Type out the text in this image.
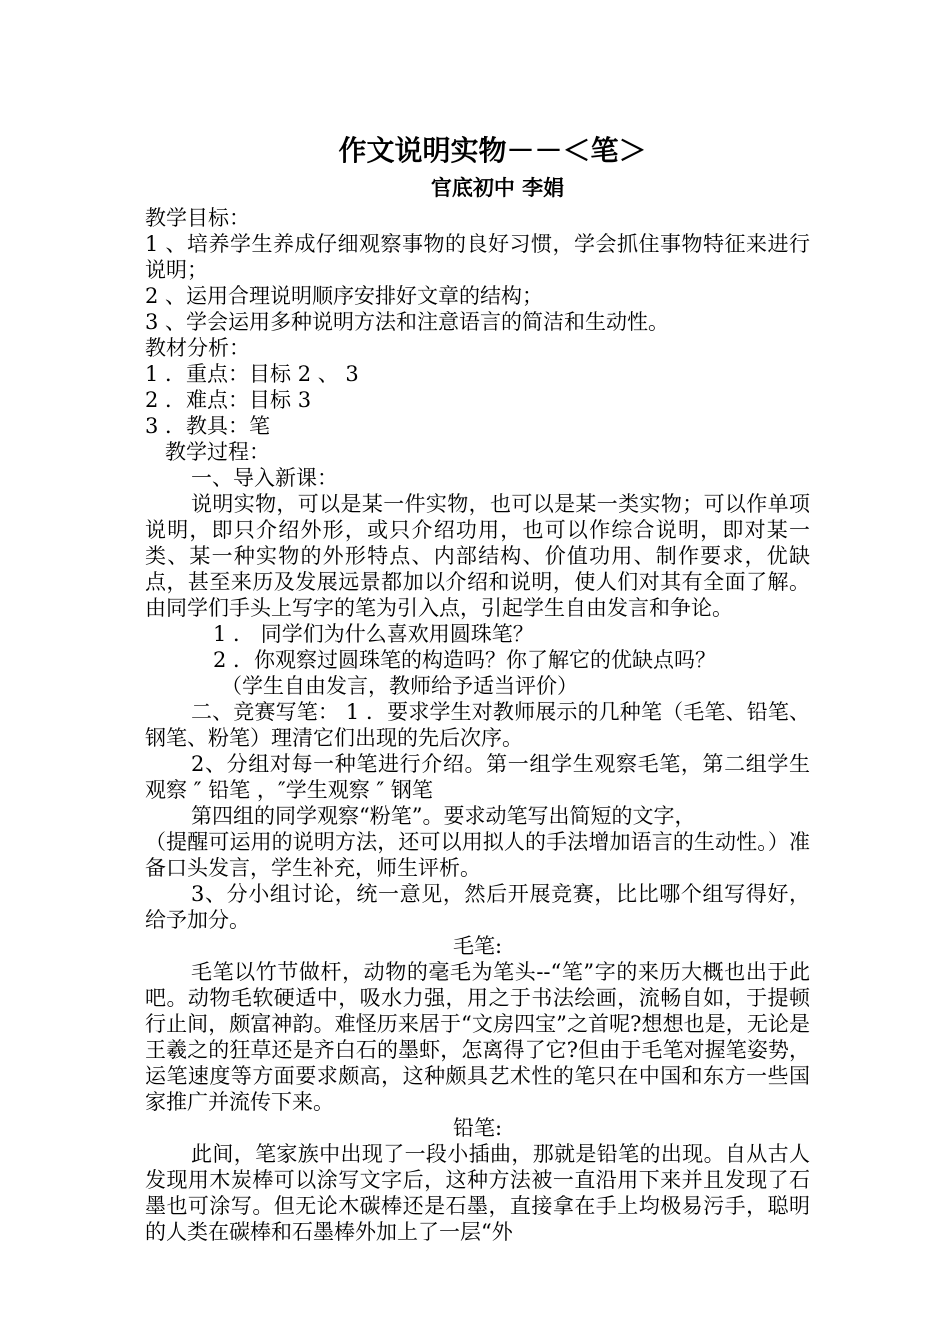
作文说明实物－－＜笔＞
官底初中 李娟

教学目标：

1 、培养学生养成仔细观察事物的良好习惯，学会抓住事物特征来进行说明；

2 、运用合理说明顺序安排好文章的结构；

3 、学会运用多种说明方法和注意语言的简洁和生动性。

教材分析：

1 ．重点：目标 2 、 3

2 ．难点：目标 3

3 ．教具：笔

教学过程：

一、导入新课：

说明实物，可以是某一件实物，也可以是某一类实物；可以作单项说明，即只介绍外形，或只介绍功用，也可以作综合说明，即对某一类、某一种实物的外形特点、内部结构、价值功用、制作要求，优缺点，甚至来历及发展远景都加以介绍和说明，使人们对其有全面了解。 由同学们手头上写字的笔为引入点，引起学生自由发言和争论。

1 ． 同学们为什么喜欢用圆珠笔？

2 ．你观察过圆珠笔的构造吗？你了解它的优缺点吗？

（学生自由发言，教师给予适当评价）

二、竞赛写笔： 1 ．要求学生对教师展示的几种笔（毛笔、铅笔、钢笔、粉笔）理清它们出现的先后次序。

2、分组对每一种笔进行介绍。第一组学生观察毛笔，第二组学生观察 ″ 铅笔 ，″学生观察 ″ 钢笔

第四组的同学观察“粉笔”。要求动笔写出简短的文字，

（提醒可运用的说明方法，还可以用拟人的手法增加语言的生动性。）准备口头发言，学生补充，师生评析。

3、分小组讨论，统一意见，然后开展竞赛，比比哪个组写得好，给予加分。

毛笔:

毛笔以竹节做杆，动物的毫毛为笔头--“笔”字的来历大概也出于此吧。动物毛软硬适中，吸水力强，用之于书法绘画，流畅自如，于提顿行止间，颇富神韵。难怪历来居于“文房四宝”之首呢?想想也是，无论是王羲之的狂草还是齐白石的墨虾，怎离得了它?但由于毛笔对握笔姿势，运笔速度等方面要求颇高，这种颇具艺术性的笔只在中国和东方一些国家推广并流传下来。

铅笔:

此间，笔家族中出现了一段小插曲，那就是铅笔的出现。自从古人发现用木炭棒可以涂写文字后，这种方法被一直沿用下来并且发现了石墨也可涂写。但无论木碳棒还是石墨，直接拿在手上均极易污手，聪明的人类在碳棒和石墨棒外加上了一层“外
